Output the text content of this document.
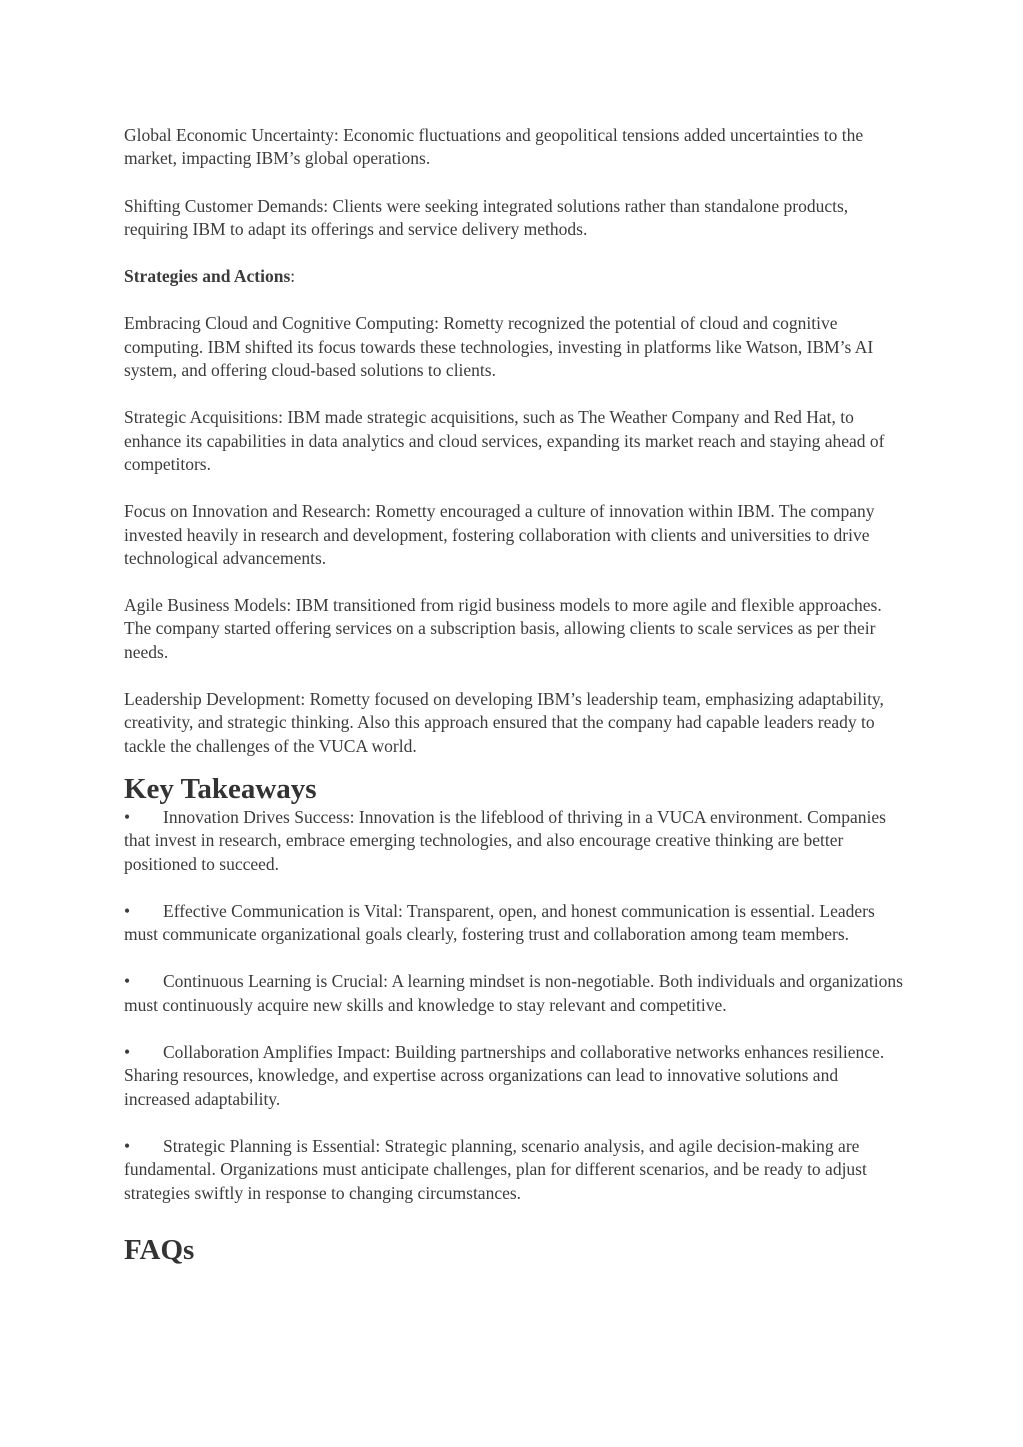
Global Economic Uncertainty: Economic fluctuations and geopolitical tensions added uncertainties to the market, impacting IBM’s global operations.

Shifting Customer Demands: Clients were seeking integrated solutions rather than standalone products, requiring IBM to adapt its offerings and service delivery methods.

Strategies and Actions:

Embracing Cloud and Cognitive Computing: Rometty recognized the potential of cloud and cognitive computing. IBM shifted its focus towards these technologies, investing in platforms like Watson, IBM’s AI system, and offering cloud-based solutions to clients.

Strategic Acquisitions: IBM made strategic acquisitions, such as The Weather Company and Red Hat, to enhance its capabilities in data analytics and cloud services, expanding its market reach and staying ahead of competitors.

Focus on Innovation and Research: Rometty encouraged a culture of innovation within IBM. The company invested heavily in research and development, fostering collaboration with clients and universities to drive technological advancements.

Agile Business Models: IBM transitioned from rigid business models to more agile and flexible approaches. The company started offering services on a subscription basis, allowing clients to scale services as per their needs.

Leadership Development: Rometty focused on developing IBM’s leadership team, emphasizing adaptability, creativity, and strategic thinking. Also this approach ensured that the company had capable leaders ready to tackle the challenges of the VUCA world.

Key Takeaways
• Innovation Drives Success: Innovation is the lifeblood of thriving in a VUCA environment. Companies that invest in research, embrace emerging technologies, and also encourage creative thinking are better positioned to succeed.
• Effective Communication is Vital: Transparent, open, and honest communication is essential. Leaders must communicate organizational goals clearly, fostering trust and collaboration among team members.
• Continuous Learning is Crucial: A learning mindset is non-negotiable. Both individuals and organizations must continuously acquire new skills and knowledge to stay relevant and competitive.
• Collaboration Amplifies Impact: Building partnerships and collaborative networks enhances resilience. Sharing resources, knowledge, and expertise across organizations can lead to innovative solutions and increased adaptability.
• Strategic Planning is Essential: Strategic planning, scenario analysis, and agile decision-making are fundamental. Organizations must anticipate challenges, plan for different scenarios, and be ready to adjust strategies swiftly in response to changing circumstances.
FAQs
